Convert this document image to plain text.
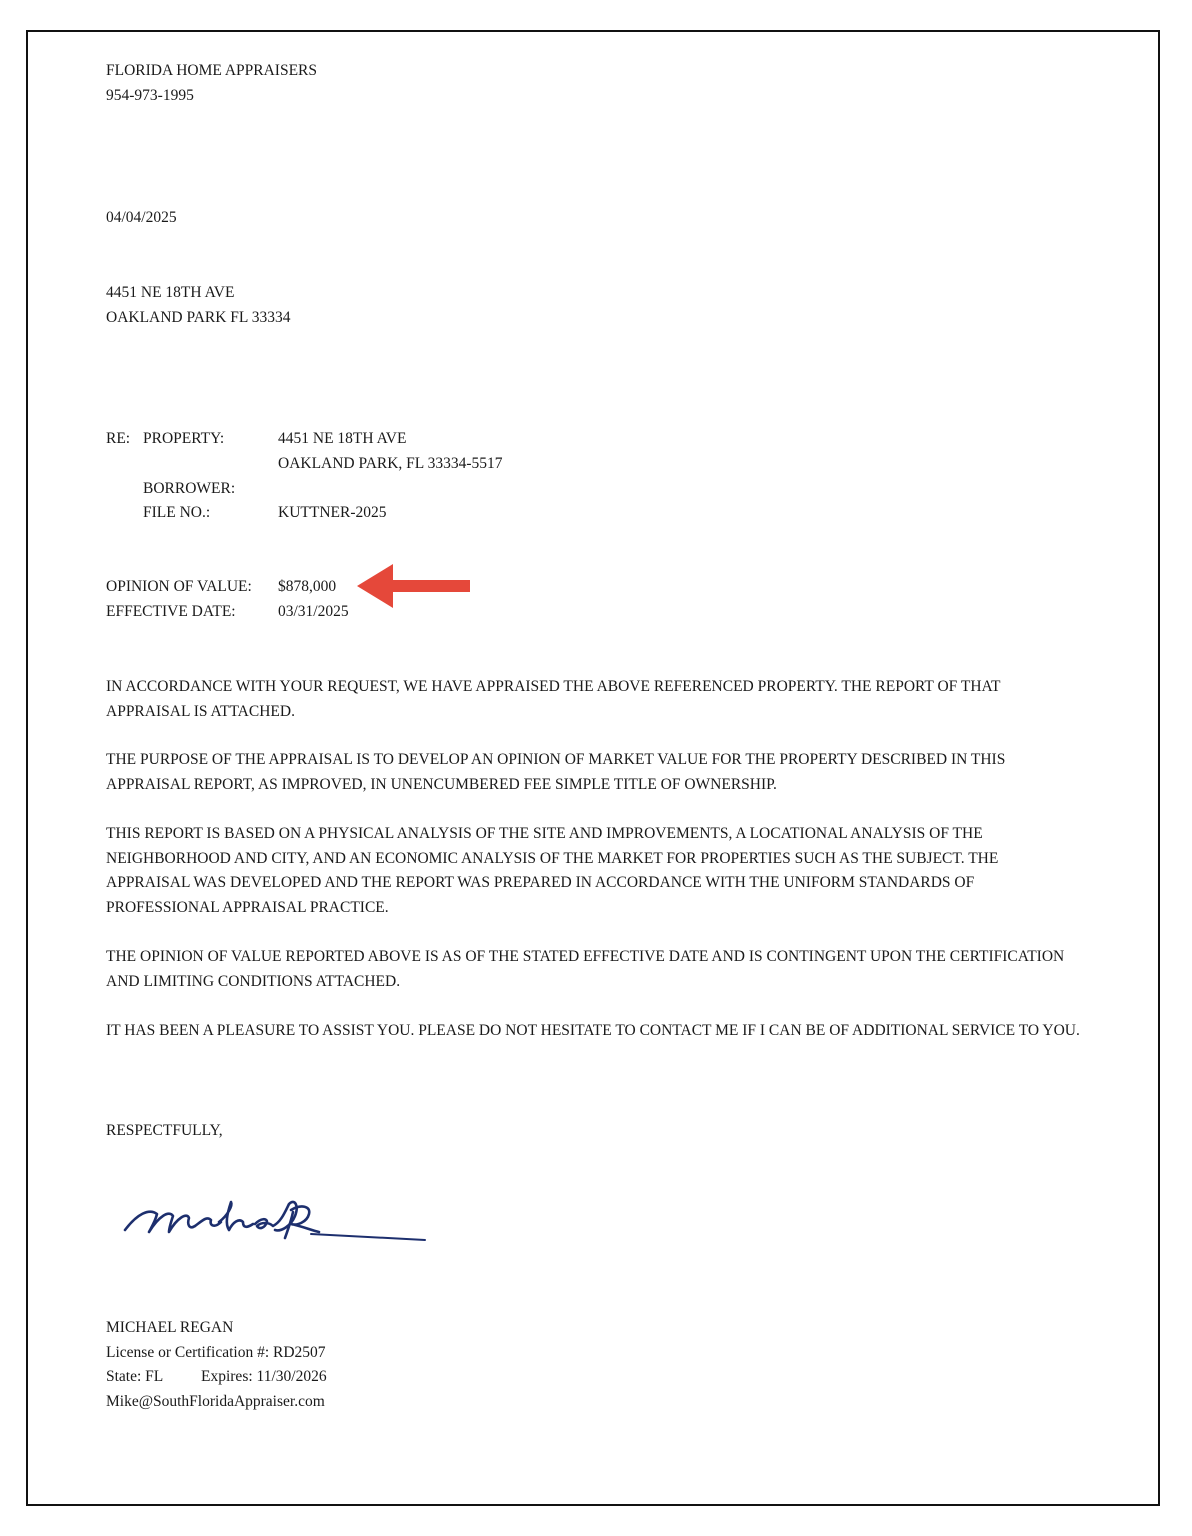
FLORIDA HOME APPRAISERS
954-973-1995
04/04/2025
4451 NE 18TH AVE
OAKLAND PARK FL 33334
RE: PROPERTY:	4451 NE 18TH AVE
OAKLAND PARK, FL 33334-5517
BORROWER:
FILE NO.:	KUTTNER-2025
OPINION OF VALUE: $878,000
EFFECTIVE DATE:	03/31/2025

IN ACCORDANCE WITH YOUR REQUEST, WE HAVE APPRAISED THE ABOVE REFERENCED PROPERTY. THE REPORT OF THAT APPRAISAL IS ATTACHED.

THE PURPOSE OF THE APPRAISAL IS TO DEVELOP AN OPINION OF MARKET VALUE FOR THE PROPERTY DESCRIBED IN THIS APPRAISAL REPORT, AS IMPROVED, IN UNENCUMBERED FEE SIMPLE TITLE OF OWNERSHIP.

THIS REPORT IS BASED ON A PHYSICAL ANALYSIS OF THE SITE AND IMPROVEMENTS, A LOCATIONAL ANALYSIS OF THE NEIGHBORHOOD AND CITY, AND AN ECONOMIC ANALYSIS OF THE MARKET FOR PROPERTIES SUCH AS THE SUBJECT. THE APPRAISAL WAS DEVELOPED AND THE REPORT WAS PREPARED IN ACCORDANCE WITH THE UNIFORM STANDARDS OF PROFESSIONAL APPRAISAL PRACTICE.

THE OPINION OF VALUE REPORTED ABOVE IS AS OF THE STATED EFFECTIVE DATE AND IS CONTINGENT UPON THE CERTIFICATION AND LIMITING CONDITIONS ATTACHED.

IT HAS BEEN A PLEASURE TO ASSIST YOU. PLEASE DO NOT HESITATE TO CONTACT ME IF I CAN BE OF ADDITIONAL SERVICE TO YOU.

RESPECTFULLY,
MICHAEL REGAN
License or Certification #: RD2507
State: FL Expires: 11/30/2026
Mike@SouthFloridaAppraiser.com
